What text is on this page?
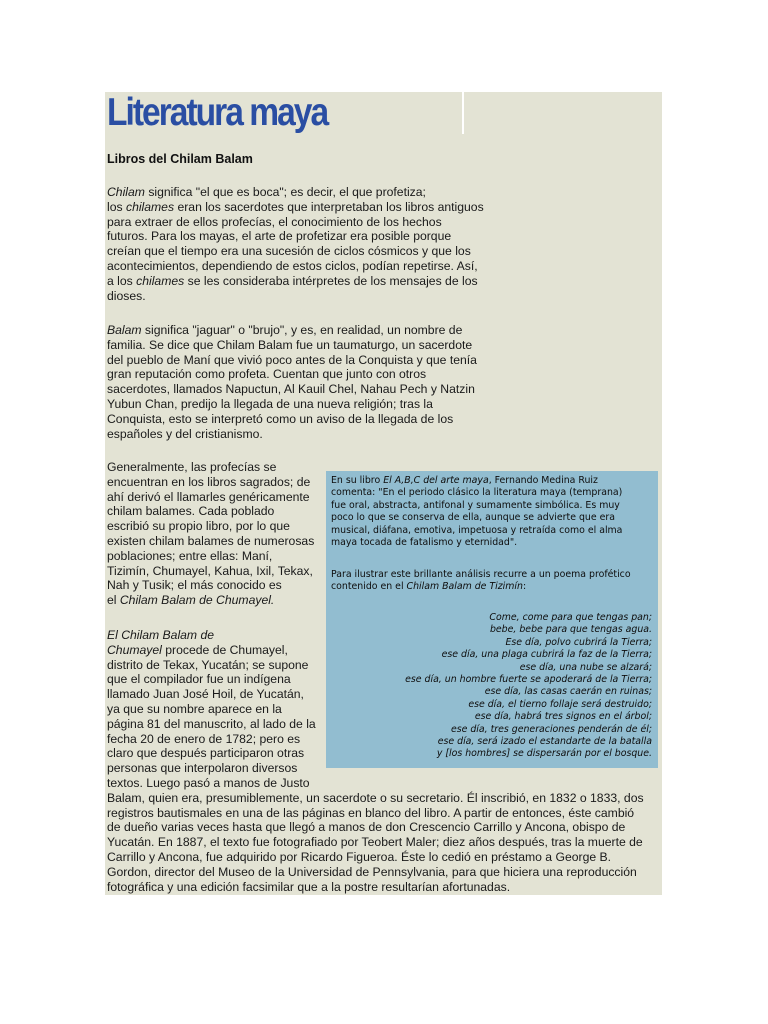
Literatura maya
Libros del Chilam Balam
Chilam significa "el que es boca"; es decir, el que profetiza;
los chilames eran los sacerdotes que interpretaban los libros antiguos
para extraer de ellos profecías, el conocimiento de los hechos
futuros. Para los mayas, el arte de profetizar era posible porque
creían que el tiempo era una sucesión de ciclos cósmicos y que los
acontecimientos, dependiendo de estos ciclos, podían repetirse. Así,
a los chilames se les consideraba intérpretes de los mensajes de los
dioses.
Balam significa "jaguar" o "brujo", y es, en realidad, un nombre de
familia. Se dice que Chilam Balam fue un taumaturgo, un sacerdote
del pueblo de Maní que vivió poco antes de la Conquista y que tenía
gran reputación como profeta. Cuentan que junto con otros
sacerdotes, llamados Napuctun, Al Kauil Chel, Nahau Pech y Natzin
Yubun Chan, predijo la llegada de una nueva religión; tras la
Conquista, esto se interpretó como un aviso de la llegada de los
españoles y del cristianismo.
Generalmente, las profecías se
encuentran en los libros sagrados; de
ahí derivó el llamarles genéricamente
chilam balames. Cada poblado
escribió su propio libro, por lo que
existen chilam balames de numerosas
poblaciones; entre ellas: Maní,
Tizimín, Chumayel, Kahua, Ixil, Tekax,
Nah y Tusik; el más conocido es
el Chilam Balam de Chumayel.
El Chilam Balam de
Chumayel procede de Chumayel,
distrito de Tekax, Yucatán; se supone
que el compilador fue un indígena
llamado Juan José Hoil, de Yucatán,
ya que su nombre aparece en la
página 81 del manuscrito, al lado de la
fecha 20 de enero de 1782; pero es
claro que después participaron otras
personas que interpolaron diversos
textos. Luego pasó a manos de Justo
Balam, quien era, presumiblemente, un sacerdote o su secretario. Él inscribió, en 1832 o 1833, dos
registros bautismales en una de las páginas en blanco del libro. A partir de entonces, éste cambió
de dueño varias veces hasta que llegó a manos de don Crescencio Carrillo y Ancona, obispo de
Yucatán. En 1887, el texto fue fotografiado por Teobert Maler; diez años después, tras la muerte de
Carrillo y Ancona, fue adquirido por Ricardo Figueroa. Éste lo cedió en préstamo a George B.
Gordon, director del Museo de la Universidad de Pennsylvania, para que hiciera una reproducción
fotográfica y una edición facsimilar que a la postre resultarían afortunadas.
En su libro El A,B,C del arte maya, Fernando Medina Ruiz
comenta: "En el periodo clásico la literatura maya (temprana)
fue oral, abstracta, antifonal y sumamente simbólica. Es muy
poco lo que se conserva de ella, aunque se advierte que era
musical, diáfana, emotiva, impetuosa y retraída como el alma
maya tocada de fatalismo y eternidad".
Para ilustrar este brillante análisis recurre a un poema profético
contenido en el Chilam Balam de Tizimín:
Come, come para que tengas pan;
bebe, bebe para que tengas agua.
Ese día, polvo cubrirá la Tierra;
ese día, una plaga cubrirá la faz de la Tierra;
ese día, una nube se alzará;
ese día, un hombre fuerte se apoderará de la Tierra;
ese día, las casas caerán en ruinas;
ese día, el tierno follaje será destruido;
ese día, habrá tres signos en el árbol;
ese día, tres generaciones penderán de él;
ese día, será izado el estandarte de la batalla
y [los hombres] se dispersarán por el bosque.
